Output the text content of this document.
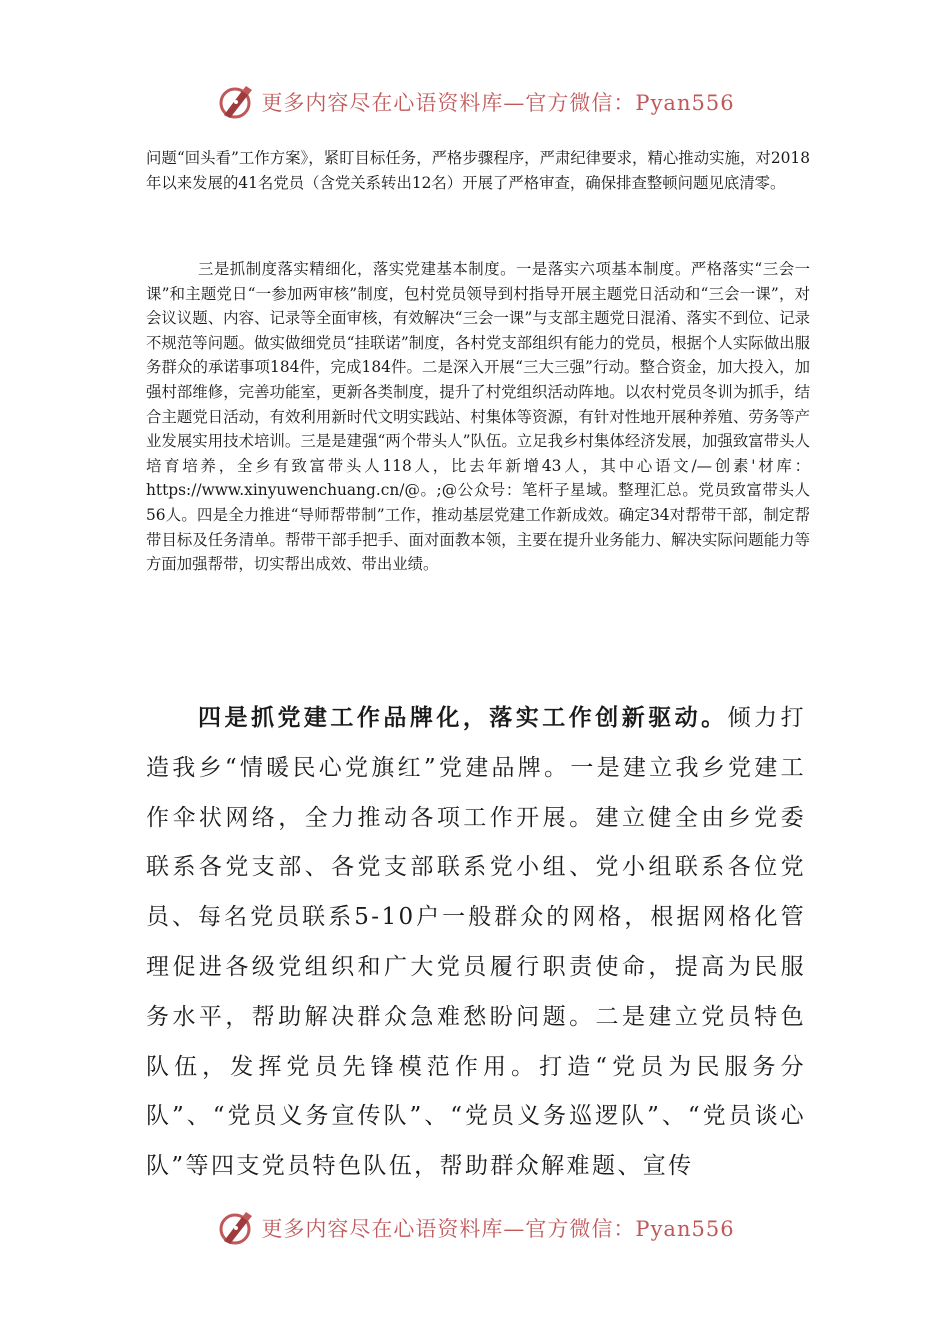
更多内容尽在心语资料库—官方微信：Pyan556

问题“回头看”工作方案》，紧盯目标任务，严格步骤程序，严肃纪律要求，精心推动实施，对2018年以来发展的41名党员（含党关系转出12名）开展了严格审查，确保排查整顿问题见底清零。

三是抓制度落实精细化，落实党建基本制度。一是落实六项基本制度。严格落实“三会一课”和主题党日“一参加两审核”制度，包村党员领导到村指导开展主题党日活动和“三会一课”，对会议议题、内容、记录等全面审核，有效解决“三会一课”与支部主题党日混淆、落实不到位、记录不规范等问题。做实做细党员“挂联诺”制度，各村党支部组织有能力的党员，根据个人实际做出服务群众的承诺事项184件，完成184件。二是深入开展“三大三强”行动。整合资金，加大投入，加强村部维修，完善功能室，更新各类制度，提升了村党组织活动阵地。以农村党员冬训为抓手，结合主题党日活动，有效利用新时代文明实践站、村集体等资源，有针对性地开展种养殖、劳务等产业发展实用技术培训。三是是建强“两个带头人”队伍。立足我乡村集体经济发展，加强致富带头人培育培养，全乡有致富带头人118人，比去年新增43人，其中心语文/—创素'材库：https://www.xinyuwenchuang.cn/@。;@公众号：笔杆子星域。整理汇总。党员致富带头人56人。四是全力推进“导师帮带制”工作，推动基层党建工作新成效。确定34对帮带干部，制定帮带目标及任务清单。帮带干部手把手、面对面教本领，主要在提升业务能力、解决实际问题能力等方面加强帮带，切实帮出成效、带出业绩。

四是抓党建工作品牌化，落实工作创新驱动。倾力打造我乡“情暖民心党旗红”党建品牌。一是建立我乡党建工作伞状网络，全力推动各项工作开展。建立健全由乡党委联系各党支部、各党支部联系党小组、党小组联系各位党员、每名党员联系5-10户一般群众的网格，根据网格化管理促进各级党组织和广大党员履行职责使命，提高为民服务水平，帮助解决群众急难愁盼问题。二是建立党员特色队伍，发挥党员先锋模范作用。打造“党员为民服务分队”、“党员义务宣传队”、“党员义务巡逻队”、“党员谈心队”等四支党员特色队伍，帮助群众解难题、宣传

更多内容尽在心语资料库—官方微信：Pyan556
